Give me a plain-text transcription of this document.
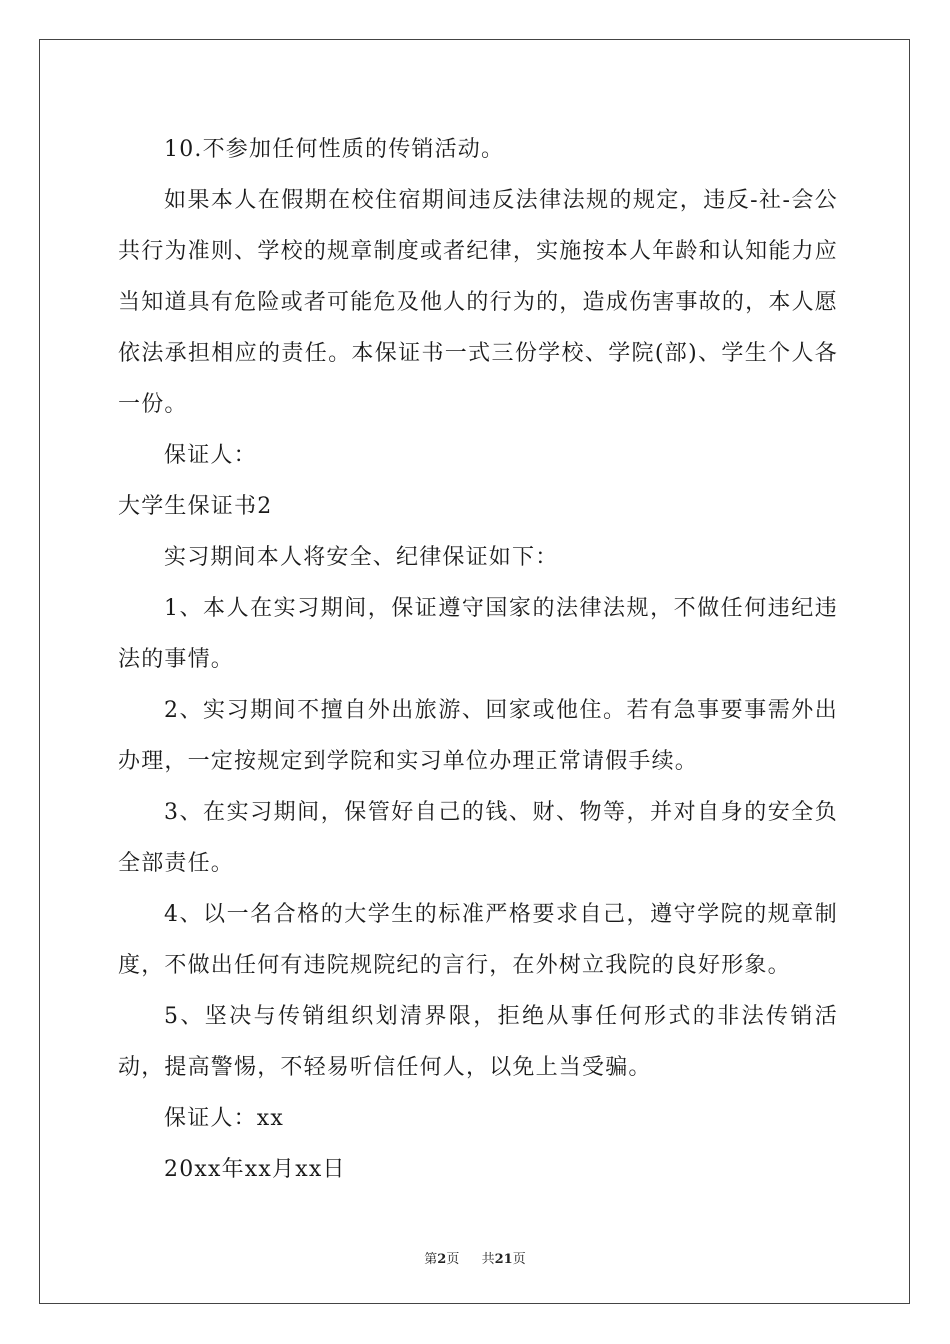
10.不参加任何性质的传销活动。

如果本人在假期在校住宿期间违反法律法规的规定，违反-社-会公共行为准则、学校的规章制度或者纪律，实施按本人年龄和认知能力应当知道具有危险或者可能危及他人的行为的，造成伤害事故的，本人愿依法承担相应的责任。本保证书一式三份学校、学院(部)、学生个人各一份。

保证人：

大学生保证书2

实习期间本人将安全、纪律保证如下：

1、本人在实习期间，保证遵守国家的法律法规，不做任何违纪违法的事情。

2、实习期间不擅自外出旅游、回家或他住。若有急事要事需外出办理，一定按规定到学院和实习单位办理正常请假手续。

3、在实习期间，保管好自己的钱、财、物等，并对自身的安全负全部责任。

4、以一名合格的大学生的标准严格要求自己，遵守学院的规章制度，不做出任何有违院规院纪的言行，在外树立我院的良好形象。

5、坚决与传销组织划清界限，拒绝从事任何形式的非法传销活动，提高警惕，不轻易听信任何人，以免上当受骗。

保证人：xx

20xx年xx月xx日

第2页 共21页
